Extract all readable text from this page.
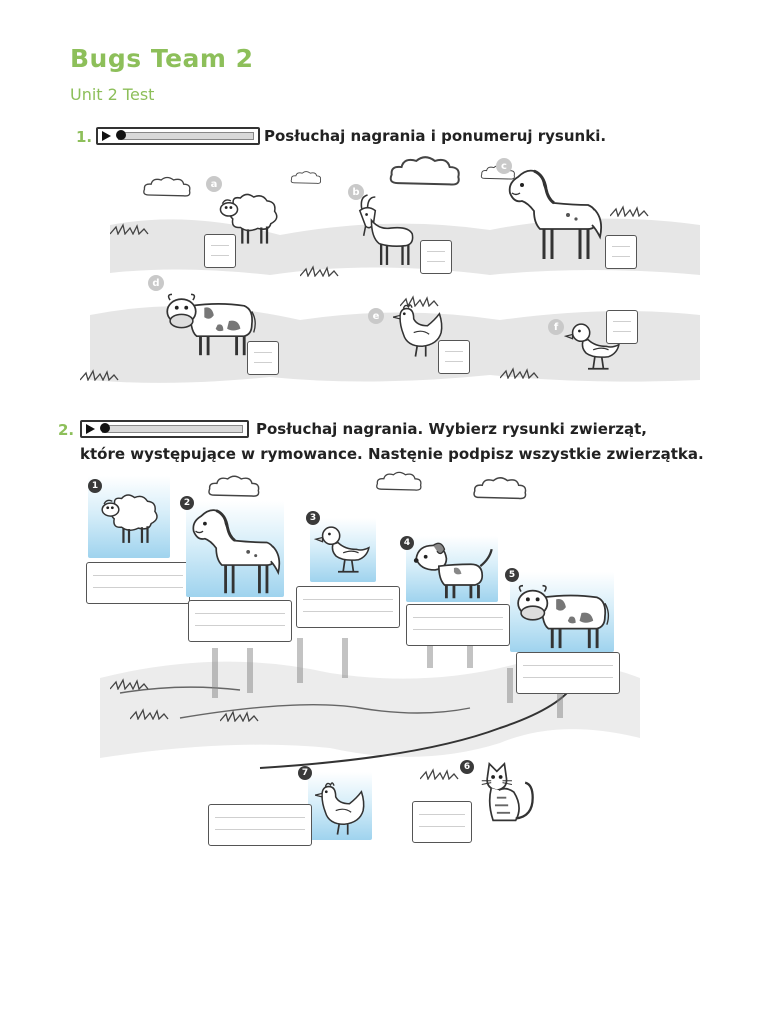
Bugs Team 2
Unit 2 Test
1.	Posłuchaj nagrania i ponumeruj rysunki.
a
b
c
d
e
f
2.	Posłuchaj nagrania. Wybierz rysunki zwierząt,
które występujące w rymowance. Nastęnie podpisz wszystkie zwierzątka.
1
2
3
4
5
6
7
